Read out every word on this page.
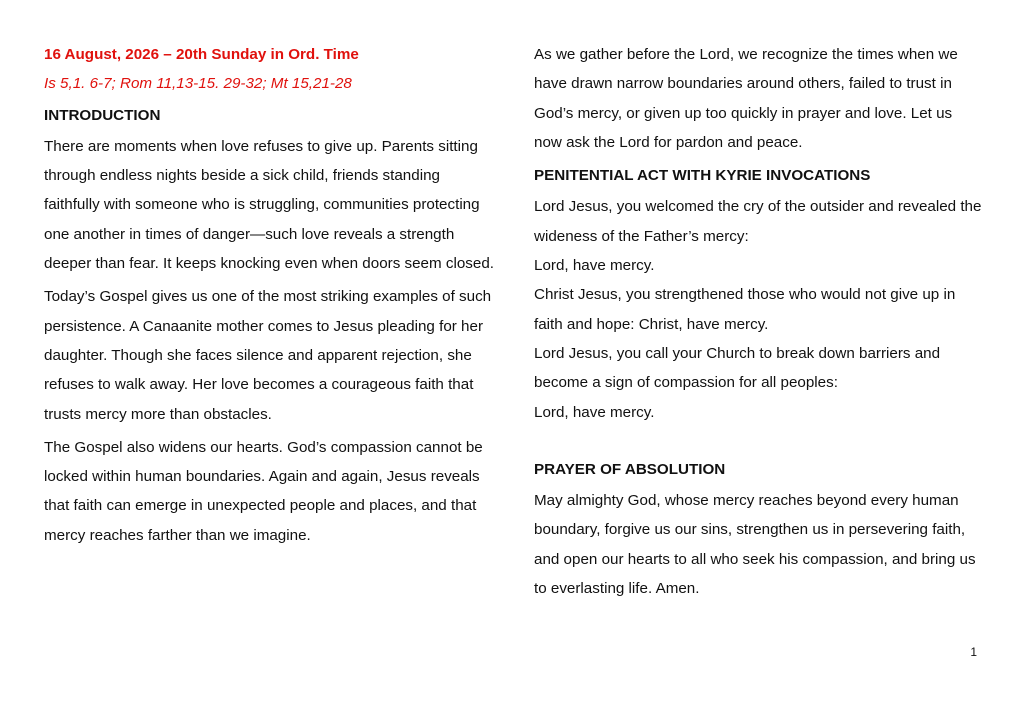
16 August, 2026 – 20th Sunday in Ord. Time
Is 5,1. 6-7; Rom 11,13-15. 29-32; Mt 15,21-28
INTRODUCTION

There are moments when love refuses to give up. Parents sitting through endless nights beside a sick child, friends standing faithfully with someone who is struggling, communities protecting one another in times of danger—such love reveals a strength deeper than fear. It keeps knocking even when doors seem closed.

Today’s Gospel gives us one of the most striking examples of such persistence. A Canaanite mother comes to Jesus pleading for her daughter. Though she faces silence and apparent rejection, she refuses to walk away. Her love becomes a courageous faith that trusts mercy more than obstacles.

The Gospel also widens our hearts. God’s compassion cannot be locked within human boundaries. Again and again, Jesus reveals that faith can emerge in unexpected people and places, and that mercy reaches farther than we imagine.

As we gather before the Lord, we recognize the times when we have drawn narrow boundaries around others, failed to trust in God’s mercy, or given up too quickly in prayer and love. Let us now ask the Lord for pardon and peace.

PENITENTIAL ACT WITH KYRIE INVOCATIONS
Lord Jesus, you welcomed the cry of the outsider and revealed the wideness of the Father’s mercy:
Lord, have mercy.
Christ Jesus, you strengthened those who would not give up in faith and hope: Christ, have mercy.
Lord Jesus, you call your Church to break down barriers and become a sign of compassion for all peoples:
Lord, have mercy.
PRAYER OF ABSOLUTION

May almighty God, whose mercy reaches beyond every human boundary, forgive us our sins, strengthen us in persevering faith, and open our hearts to all who seek his compassion, and bring us to everlasting life. Amen.

1
